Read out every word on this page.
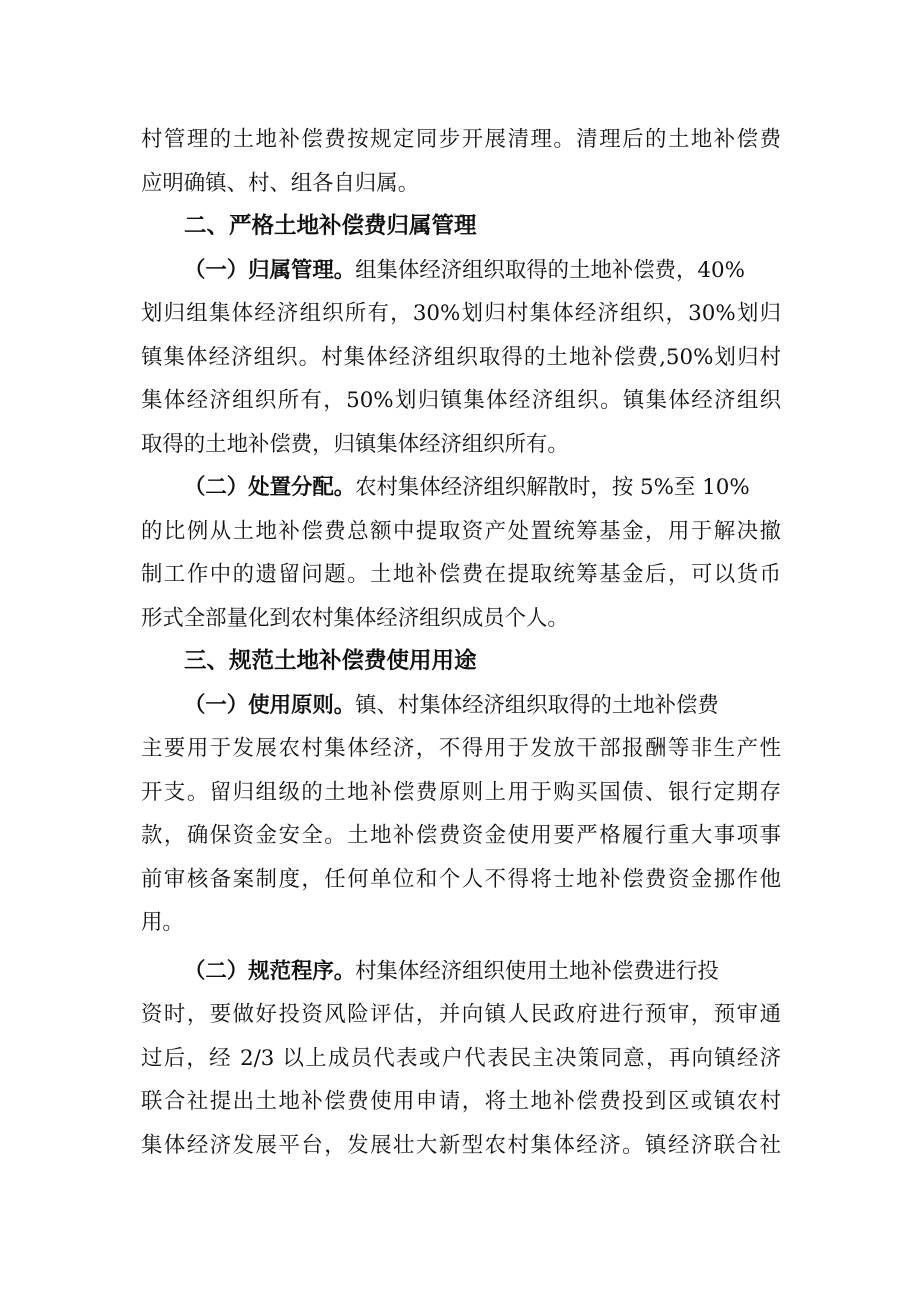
村管理的土地补偿费按规定同步开展清理。清理后的土地补偿费
应明确镇、村、组各自归属。
二、严格土地补偿费归属管理
（一）归属管理。组集体经济组织取得的土地补偿费，40%
划归组集体经济组织所有，30%划归村集体经济组织，30%划归
镇集体经济组织。村集体经济组织取得的土地补偿费,50%划归村
集体经济组织所有，50%划归镇集体经济组织。镇集体经济组织
取得的土地补偿费，归镇集体经济组织所有。
（二）处置分配。农村集体经济组织解散时，按 5%至 10%
的比例从土地补偿费总额中提取资产处置统筹基金，用于解决撤
制工作中的遗留问题。土地补偿费在提取统筹基金后，可以货币
形式全部量化到农村集体经济组织成员个人。
三、规范土地补偿费使用用途
（一）使用原则。镇、村集体经济组织取得的土地补偿费
主要用于发展农村集体经济，不得用于发放干部报酬等非生产性
开支。留归组级的土地补偿费原则上用于购买国债、银行定期存
款，确保资金安全。土地补偿费资金使用要严格履行重大事项事
前审核备案制度，任何单位和个人不得将士地补偿费资金挪作他
用。
（二）规范程序。村集体经济组织使用土地补偿费进行投
资时，要做好投资风险评估，并向镇人民政府进行预审，预审通
过后，经 2/3 以上成员代表或户代表民主决策同意，再向镇经济
联合社提出土地补偿费使用申请，将土地补偿费投到区或镇农村
集体经济发展平台，发展壮大新型农村集体经济。镇经济联合社
